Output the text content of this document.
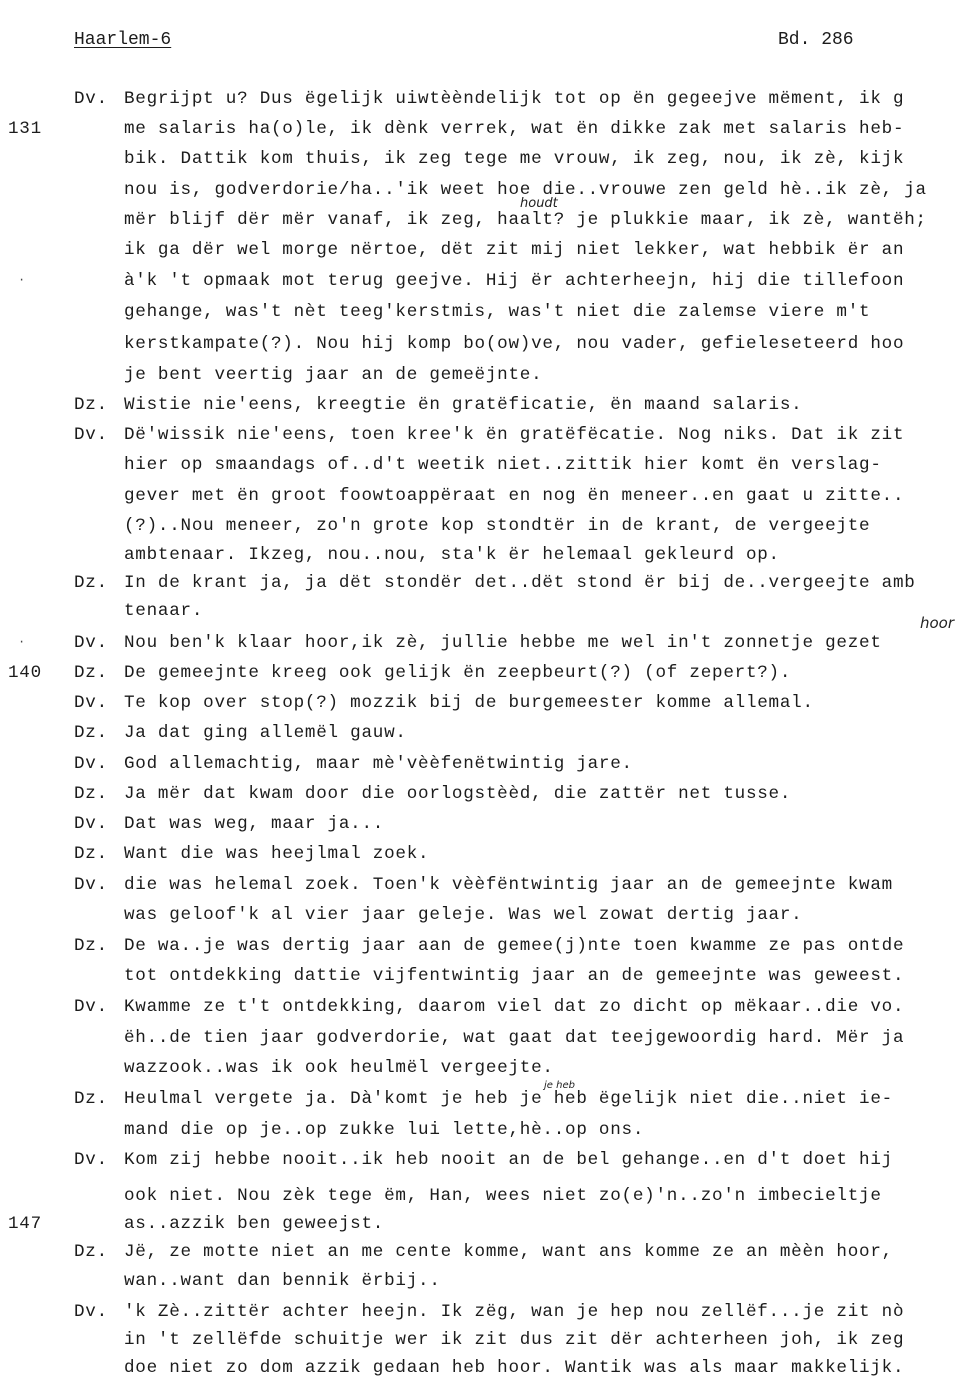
Haarlem-6	Bd. 286
Dv. Begrijpt u? Dus ëgelijk uiwtèèndelijk tot op ën gegeejve mëment, ik g
131	me salaris ha(o)le, ik dènk verrek, wat ën dikke zak met salaris heb-
bik. Dattik kom thuis, ik zeg tege me vrouw, ik zeg, nou, ik zè, kijk
nou is, godverdorie/ha..'ik weet hoe die..vrouwe zen geld hè..ik zè, ja
mër blijf dër mër vanaf, ik zeg, haalt? je plukkie maar, ik zè, wantëh;
ik ga dër wel morge nërtoe, dët zit mij niet lekker, wat hebbik ër an
à'k 't opmaak mot terug geejve. Hij ër achterheejn, hij die tillefoon
gehange, was't nèt teeg'kerstmis, was't niet die zalemse viere m't
kerstkampate(?). Nou hij komp bo(ow)ve, nou vader, gefieleseteerd hoo
je bent veertig jaar an de gemeëjnte.
Dz. Wistie nie'eens, kreegtie ën gratëficatie, ën maand salaris.
Dv. Dë'wissik nie'eens, toen kree'k ën gratëfëcatie. Nog niks. Dat ik zit
hier op smaandags of..d't weetik niet..zittik hier komt ën verslag-
gever met ën groot foowtoappëraat en nog ën meneer..en gaat u zitte..
(?)..Nou meneer, zo'n grote kop stondtër in de krant, de vergeejte
ambtenaar. Ikzeg, nou..nou, sta'k ër helemaal gekleurd op.
Dz. In de krant ja, ja dët stondër det..dët stond ër bij de..vergeejte amb
tenaar.
Dv. Nou ben'k klaar hoor,ik zè, jullie hebbe me wel in't zonnetje gezet
140	Dz. De gemeejnte kreeg ook gelijk ën zeepbeurt(?) (of zepert?).
Dv. Te kop over stop(?) mozzik bij de burgemeester komme allemal.
Dz. Ja dat ging allemël gauw.
Dv. God allemachtig, maar mè'vèèfenëtwintig jare.
Dz. Ja mër dat kwam door die oorlogstèèd, die zattër net tusse.
Dv. Dat was weg, maar ja...
Dz. Want die was heejlmal zoek.
Dv. die was helemal zoek. Toen'k vèèfëntwintig jaar an de gemeejnte kwam
was geloof'k al vier jaar geleje. Was wel zowat dertig jaar.
Dz. De wa..je was dertig jaar aan de gemee(j)nte toen kwamme ze pas ontde
tot ontdekking dattie vijfentwintig jaar an de gemeejnte was geweest.
Dv. Kwamme ze t't ontdekking, daarom viel dat zo dicht op mëkaar..die vo.
ëh..de tien jaar godverdorie, wat gaat dat teejgewoordig hard. Mër ja
wazzook..was ik ook heulmël vergeejte.
Dz. Heulmal vergete ja. Dà'komt je heb je heb ëgelijk niet die..niet ie-
mand die op je..op zukke lui lette,hè..op ons.
Dv. Kom zij hebbe nooit..ik heb nooit an de bel gehange..en d't doet hij
ook niet. Nou zèk tege ëm, Han, wees niet zo(e)'n..zo'n imbecieltje
147	as..azzik ben geweejst.
Dz. Jë, ze motte niet an me cente komme, want ans komme ze an mèèn hoor,
wan..want dan bennik ërbij..
Dv. 'k Zè..zittër achter heejn. Ik zëg, wan je hep nou zellëf...je zit nò
in 't zellëfde schuitje wer ik zit dus zit dër achterheen joh, ik zeg
doe niet zo dom azzik gedaan heb hoor. Wantik was als maar makkelijk.
houdt
hoor
je heb
·
·
